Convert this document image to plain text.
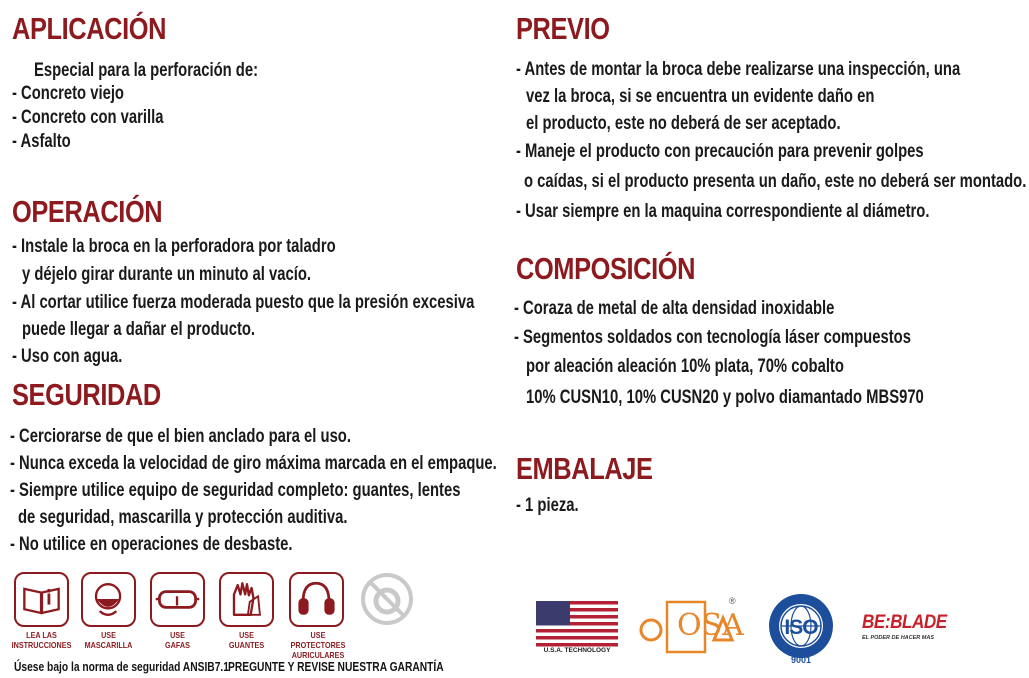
APLICACIÓN

Especial para la perforación de:

- Concreto viejo

- Concreto con varilla

- Asfalto

OPERACIÓN

- Instale la broca en la perforadora por taladro

y déjelo girar durante un minuto al vacío.

- Al cortar utilice fuerza moderada puesto que la presión excesiva

puede llegar a dañar el producto.

- Uso con agua.

SEGURIDAD

- Cerciorarse de que el bien anclado para el uso.

- Nunca exceda la velocidad de giro máxima marcada en el empaque.

- Siempre utilice equipo de seguridad completo: guantes, lentes

de seguridad, mascarilla y protección auditiva.

- No utilice en operaciones de desbaste.

LEA LAS
INSTRUCCIONES
USE
MASCARILLA
USE
GAFAS
USE
GUANTES
USE PROTECTORES
AURICULARES
Úsese bajo la norma de seguridad ANSIB7.1 PREGUNTE Y REVISE NUESTRA GARANTÍA
PREVIO

- Antes de montar la broca debe realizarse una inspección, una

vez la broca, si se encuentra un evidente daño en

el producto, este no deberá de ser aceptado.

- Maneje el producto con precaución para prevenir golpes

o caídas, si el producto presenta un daño, este no deberá ser montado.

- Usar siempre en la maquina correspondiente al diámetro.

COMPOSICIÓN

- Coraza de metal de alta densidad inoxidable

- Segmentos soldados con tecnología láser compuestos

por aleación aleación 10% plata, 70% cobalto

10% CUSN10, 10% CUSN20 y polvo diamantado MBS970

EMBALAJE

- 1 pieza.

U.S.A. TECHNOLOGY
OSA
®
ISO
9001
BE:BLADE
EL PODER DE HACER MAS
